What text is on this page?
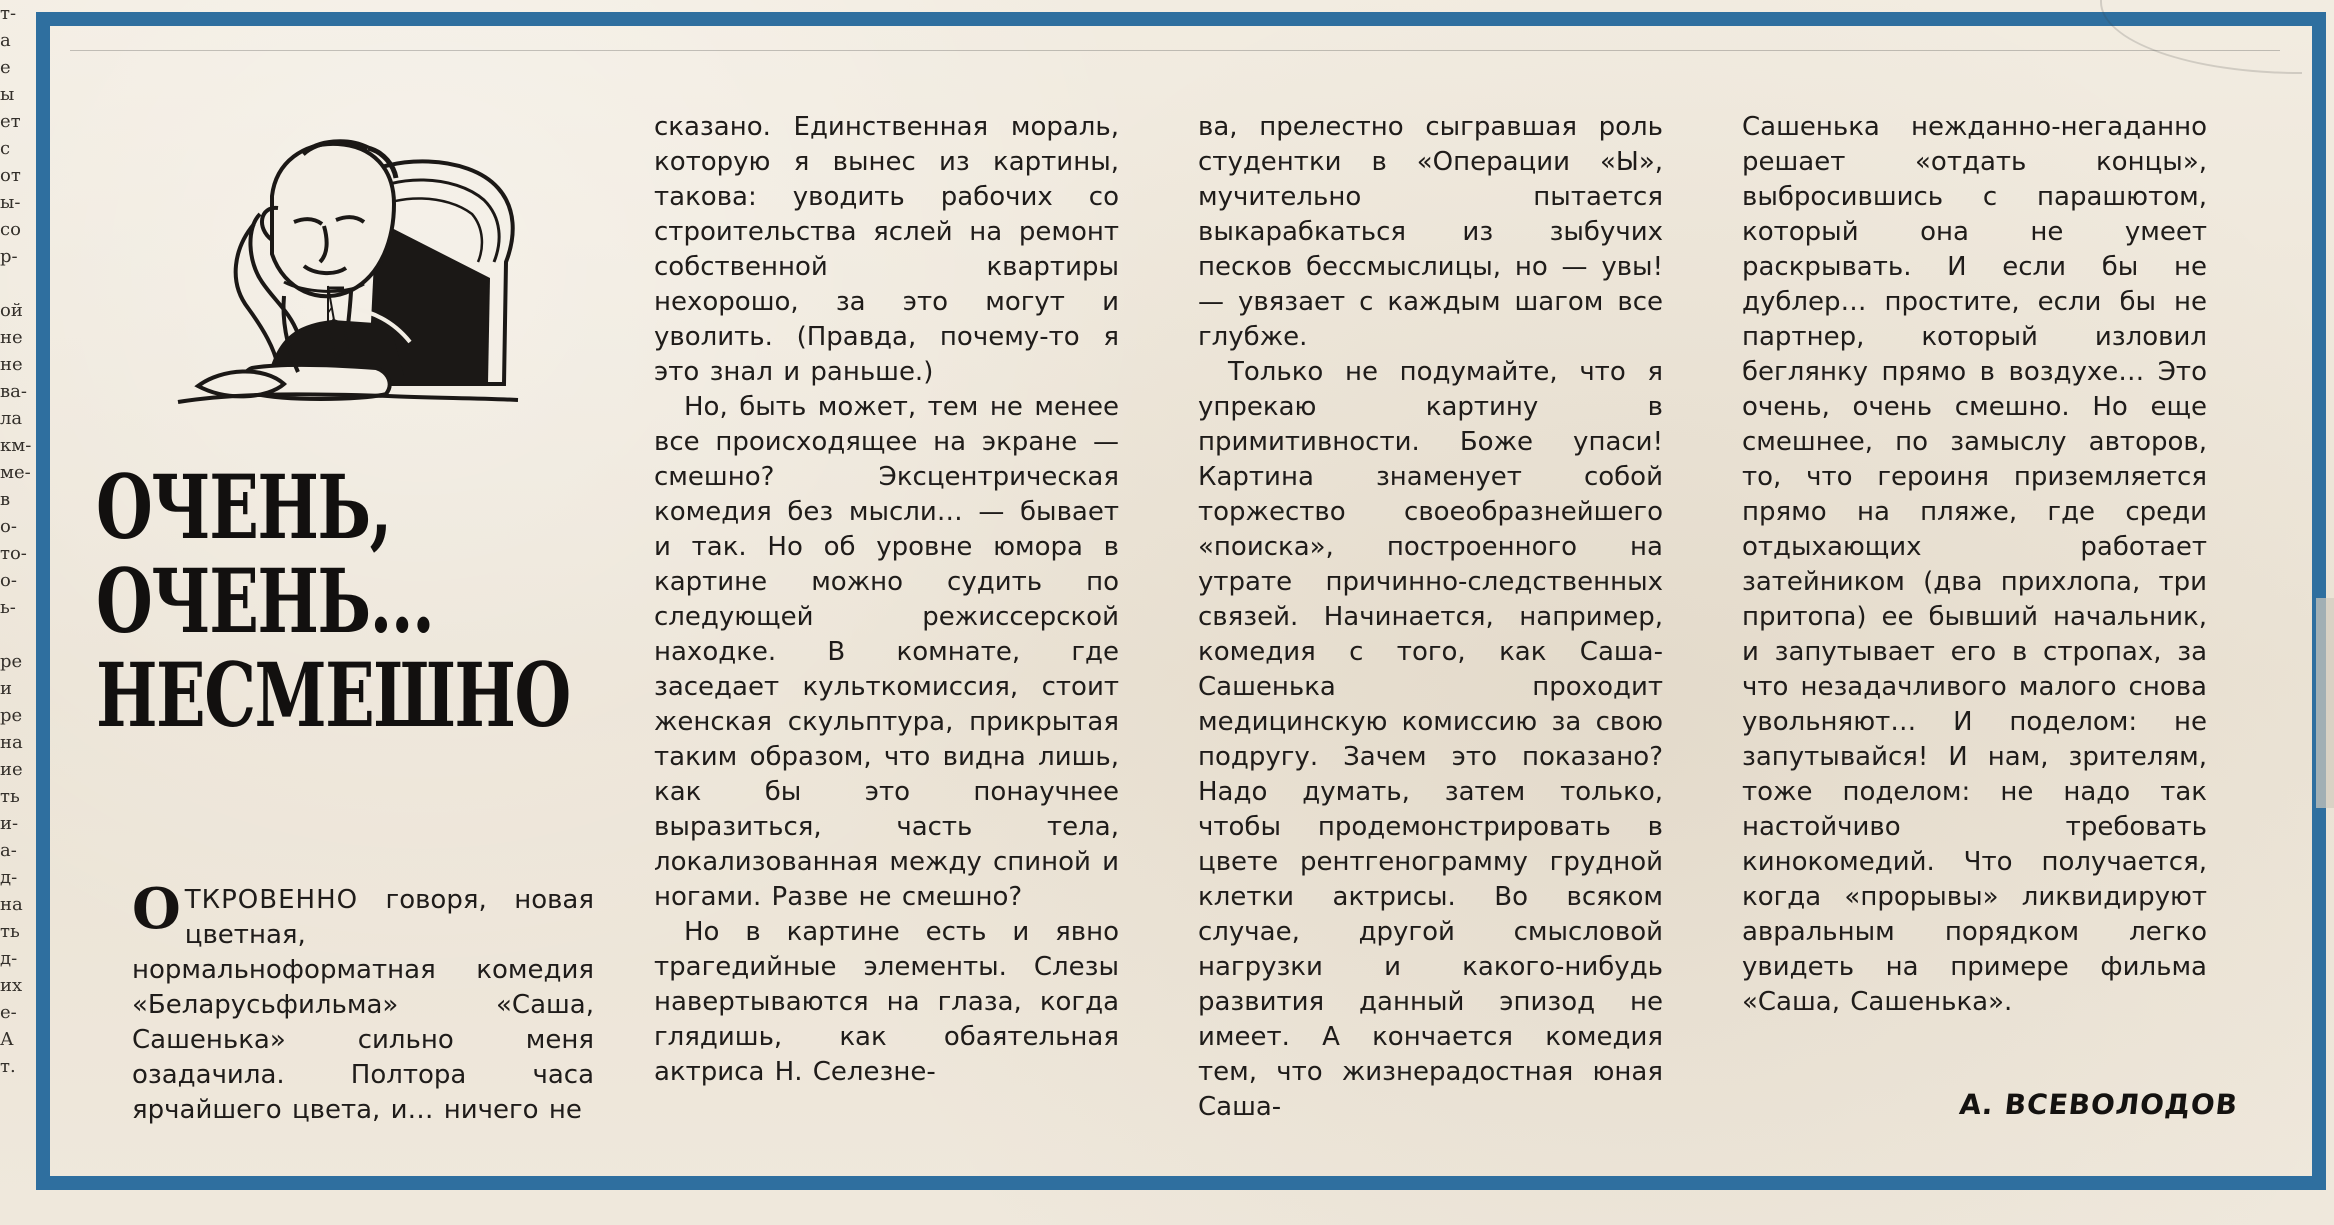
т-
а
е
ы
ет
с
от
ы-
со
р-

ой
не
не
ва-
ла
км-
ме-
в
о-
то-
о-
ь-

ре
и
ре
на
ие
ть
и-
а-
д-
на
ть
д-
их
е-
А
т.
ОЧЕНЬ,
ОЧЕНЬ…
НЕСМЕШНО

ОТКРОВЕННО говоря, новая цветная, нормальноформатная комедия «Беларусьфильма» «Саша, Сашенька» сильно меня озадачила. Полтора часа ярчайшего цвета, и… ничего не

сказано. Единственная мораль, которую я вынес из картины, такова: уводить рабочих со строительства яслей на ремонт собственной квартиры нехорошо, за это могут и уволить. (Правда, почему-то я это знал и раньше.)

Но, быть может, тем не менее все происходящее на экране — смешно? Эксцентрическая комедия без мысли… — бывает и так. Но об уровне юмора в картине можно судить по следующей режиссерской находке. В комнате, где заседает культкомиссия, стоит женская скульптура, прикрытая таким образом, что видна лишь, как бы это понаучнее выразиться, часть тела, локализованная между спиной и ногами. Разве не смешно?

Но в картине есть и явно трагедийные элементы. Слезы навертываются на глаза, когда глядишь, как обаятельная актриса Н. Селезне-

ва, прелестно сыгравшая роль студентки в «Операции «Ы», мучительно пытается выкарабкаться из зыбучих песков бессмыслицы, но — увы! — увязает с каждым шагом все глубже.

Только не подумайте, что я упрекаю картину в примитивности. Боже упаси! Картина знаменует собой торжество своеобразнейшего «поиска», построенного на утрате причинно-следственных связей. Начинается, например, комедия с того, как Саша-Сашенька проходит медицинскую комиссию за свою подругу. Зачем это показано? Надо думать, затем только, чтобы продемонстрировать в цвете рентгенограмму грудной клетки актрисы. Во всяком случае, другой смысловой нагрузки и какого-нибудь развития данный эпизод не имеет. А кончается комедия тем, что жизнерадостная юная Саша-

Сашенька нежданно-негаданно решает «отдать концы», выбросившись с парашютом, который она не умеет раскрывать. И если бы не дублер… простите, если бы не партнер, который изловил беглянку прямо в воздухе… Это очень, очень смешно. Но еще смешнее, по замыслу авторов, то, что героиня приземляется прямо на пляже, где среди отдыхающих работает затейником (два прихлопа, три притопа) ее бывший начальник, и запутывает его в стропах, за что незадачливого малого снова увольняют… И поделом: не запутывайся! И нам, зрителям, тоже поделом: не надо так настойчиво требовать кинокомедий. Что получается, когда «прорывы» ликвидируют авральным порядком легко увидеть на примере фильма «Саша, Сашенька».

А. ВСЕВОЛОДОВ
